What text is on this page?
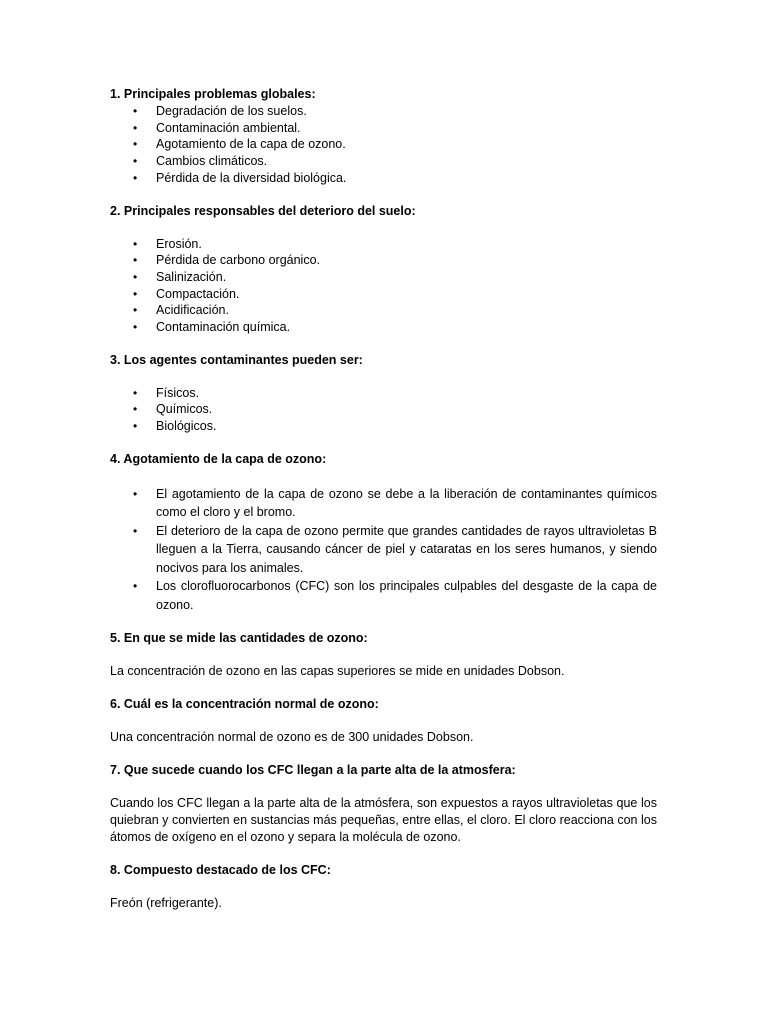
1. Principales problemas globales:

• Degradación de los suelos.
• Contaminación ambiental.
• Agotamiento de la capa de ozono.
• Cambios climáticos.
• Pérdida de la diversidad biológica.

2. Principales responsables del deterioro del suelo:

• Erosión.
• Pérdida de carbono orgánico.
• Salinización.
• Compactación.
• Acidificación.
• Contaminación química.

3. Los agentes contaminantes pueden ser:

• Físicos.
• Químicos.
• Biológicos.

4. Agotamiento de la capa de ozono:

• El agotamiento de la capa de ozono se debe a la liberación de contaminantes químicos como el cloro y el bromo.
• El deterioro de la capa de ozono permite que grandes cantidades de rayos ultravioletas B lleguen a la Tierra, causando cáncer de piel y cataratas en los seres humanos, y siendo nocivos para los animales.
• Los clorofluorocarbonos (CFC) son los principales culpables del desgaste de la capa de ozono.

5. En que se mide las cantidades de ozono:

La concentración de ozono en las capas superiores se mide en unidades Dobson.

6. Cuál es la concentración normal de ozono:

Una concentración normal de ozono es de 300 unidades Dobson.

7. Que sucede cuando los CFC llegan a la parte alta de la atmosfera:

Cuando los CFC llegan a la parte alta de la atmósfera, son expuestos a rayos ultravioletas que los quiebran y convierten en sustancias más pequeñas, entre ellas, el cloro. El cloro reacciona con los átomos de oxígeno en el ozono y separa la molécula de ozono.

8. Compuesto destacado de los CFC:

Freón (refrigerante).
